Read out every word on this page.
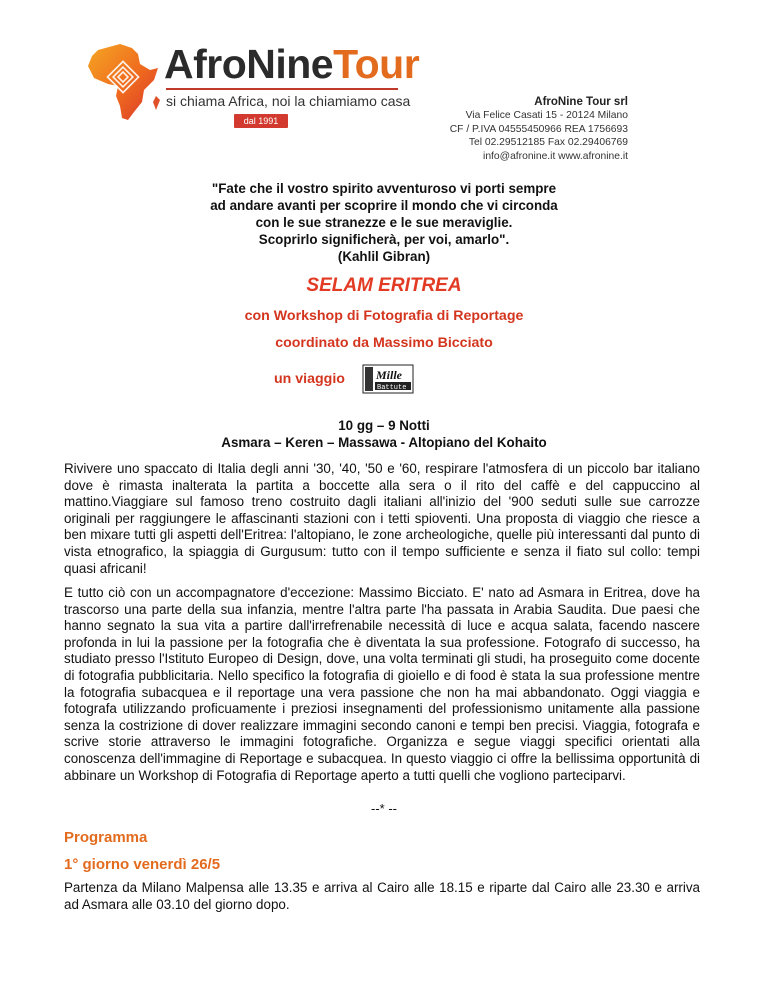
AfroNineTour
si chiama Africa, noi la chiamiamo casa
dal 1991
AfroNine Tour srl
Via Felice Casati 15 - 20124 Milano
CF / P.IVA 04555450966 REA 1756693
Tel 02.29512185 Fax 02.29406769
info@afronine.it www.afronine.it
"Fate che il vostro spirito avventuroso vi porti sempre
ad andare avanti per scoprire il mondo che vi circonda
con le sue stranezze e le sue meraviglie.
Scoprirlo significherà, per voi, amarlo".
(Kahlil Gibran)
SELAM ERITREA
con Workshop di Fotografia di Reportage
coordinato da Massimo Bicciato
un viaggio	Mille
Battute
10 gg – 9 Notti
Asmara – Keren – Massawa - Altopiano del Kohaito
Rivivere uno spaccato di Italia degli anni '30, '40, '50 e '60, respirare l'atmosfera di un piccolo bar italiano dove è rimasta inalterata la partita a boccette alla sera o il rito del caffè e del cappuccino al mattino.Viaggiare sul famoso treno costruito dagli italiani all'inizio del '900 seduti sulle sue carrozze originali per raggiungere le affascinanti stazioni con i tetti spioventi. Una proposta di viaggio che riesce a ben mixare tutti gli aspetti dell'Eritrea: l'altopiano, le zone archeologiche, quelle più interessanti dal punto di vista etnografico, la spiaggia di Gurgusum: tutto con il tempo sufficiente e senza il fiato sul collo: tempi quasi africani!
E tutto ciò con un accompagnatore d'eccezione: Massimo Bicciato. E' nato ad Asmara in Eritrea, dove ha trascorso una parte della sua infanzia, mentre l'altra parte l'ha passata in Arabia Saudita. Due paesi che hanno segnato la sua vita a partire dall'irrefrenabile necessità di luce e acqua salata, facendo nascere profonda in lui la passione per la fotografia che è diventata la sua professione. Fotografo di successo, ha studiato presso l'Istituto Europeo di Design, dove, una volta terminati gli studi, ha proseguito come docente di fotografia pubblicitaria. Nello specifico la fotografia di gioiello e di food è stata la sua professione mentre la fotografia subacquea e il reportage una vera passione che non ha mai abbandonato. Oggi viaggia e fotografa utilizzando proficuamente i preziosi insegnamenti del professionismo unitamente alla passione senza la costrizione di dover realizzare immagini secondo canoni e tempi ben precisi. Viaggia, fotografa e scrive storie attraverso le immagini fotografiche. Organizza e segue viaggi specifici orientati alla conoscenza dell'immagine di Reportage e subacquea. In questo viaggio ci offre la bellissima opportunità di abbinare un Workshop di Fotografia di Reportage aperto a tutti quelli che vogliono parteciparvi.
--* --
Programma
1° giorno venerdì 26/5
Partenza da Milano Malpensa alle 13.35 e arriva al Cairo alle 18.15 e riparte dal Cairo alle 23.30 e arriva ad Asmara alle 03.10 del giorno dopo.
